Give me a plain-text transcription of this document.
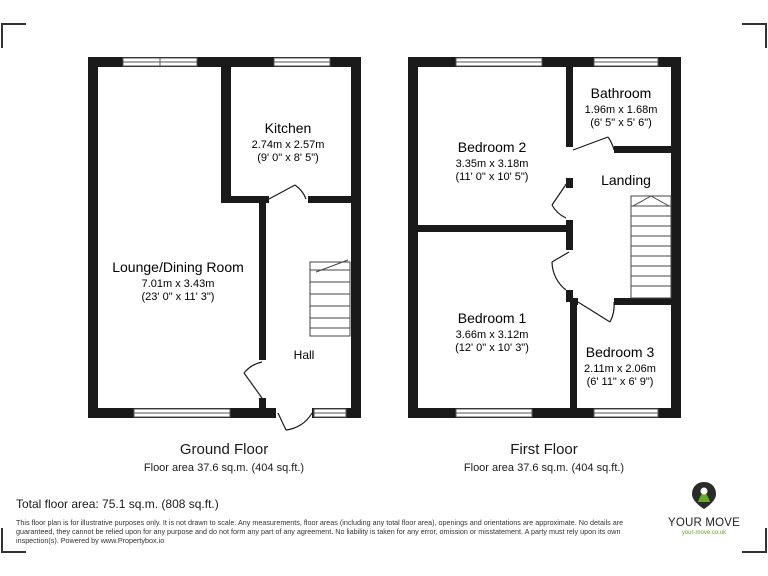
Kitchen
2.74m x 2.57m
(9' 0" x 8' 5")
Lounge/Dining Room
7.01m x 3.43m
(23' 0" x 11' 3")
Hall
Bathroom
1.96m x 1.68m
(6' 5" x 5' 6")
Bedroom 2
3.35m x 3.18m
(11' 0" x 10' 5")	Landing
Bedroom 1
3.66m x 3.12m
(12' 0" x 10' 3")	Bedroom 3
2.11m x 2.06m
(6' 11" x 6' 9")
Ground Floor
Floor area 37.6 sq.m. (404 sq.ft.)
First Floor
Floor area 37.6 sq.m. (404 sq.ft.)
Total floor area: 75.1 sq.m. (808 sq.ft.)
This floor plan is for illustrative purposes only. It is not drawn to scale. Any measurements, floor areas (including any total floor area), openings and orientations are approximate. No details are guaranteed, they cannot be relied upon for any purpose and do not form any part of any agreement. No liability is taken for any error, omission or misstatement. A party must rely upon its own inspection(s). Powered by www.Propertybox.io
YOUR MOVE
your-move.co.uk
